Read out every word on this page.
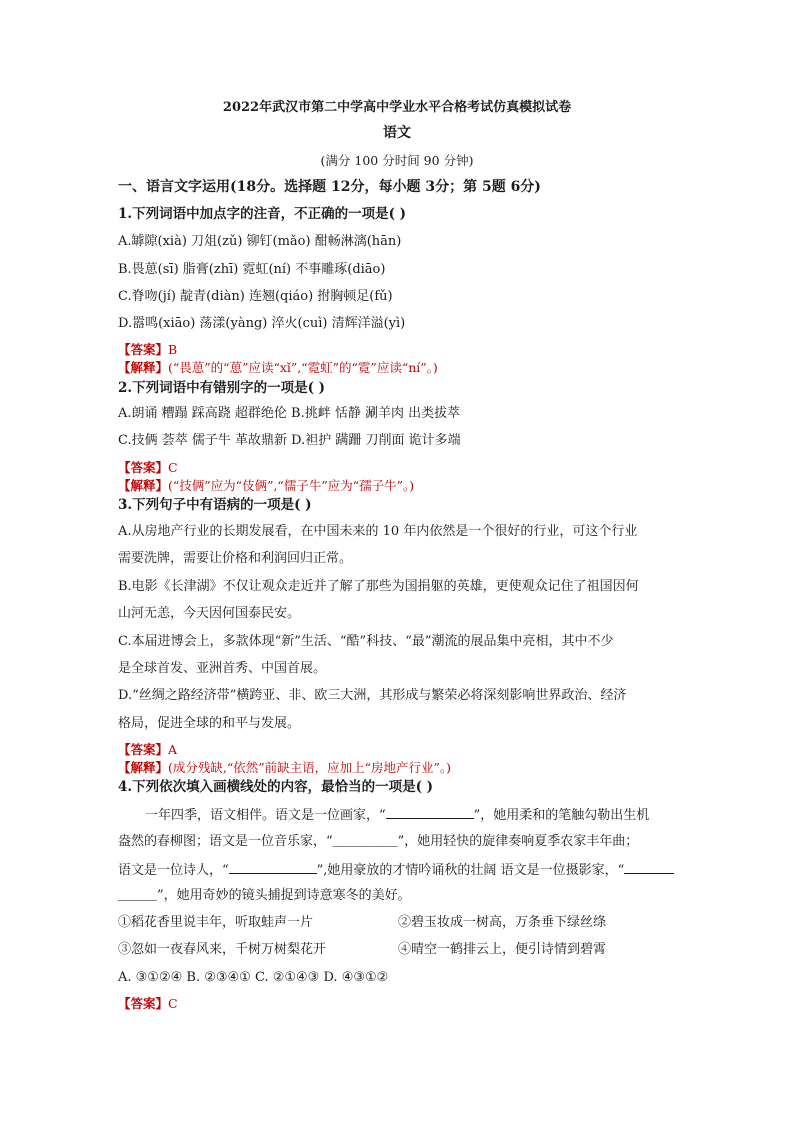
2022年武汉市第二中学高中学业水平合格考试仿真模拟试卷
语文
(满分 100 分时间 90 分钟)
一、语言文字运用(18分。选择题 12分，每小题 3分；第 5题 6分)
1.下列词语中加点字的注音，不正确的一项是( )
A.罅隙(xià) 刀俎(zǔ) 铆钉(mǎo) 酣畅淋漓(hān)
B.畏葸(sī) 脂膏(zhī) 霓虹(ní) 不事雕琢(diāo)
C.脊吻(jí) 靛青(diàn) 连翘(qiáo) 拊胸顿足(fǔ)
D.嚣鸣(xiāo) 荡漾(yàng) 淬火(cuì) 清辉洋溢(yì)
【答案】B
【解释】(“畏葸”的“葸”应读“xǐ”,“霓虹”的“霓”应读“ní”。)
2.下列词语中有错别字的一项是( )
A.朗诵 糟蹋 踩高跷 超群绝伦 B.挑衅 恬静 涮羊肉 出类拔萃
C.技俩 荟萃 儒子牛 革故鼎新 D.袒护 蹒跚 刀削面 诡计多端
【答案】C
【解释】(“技俩”应为“伎俩”,“儒子牛”应为“孺子牛”。)
3.下列句子中有语病的一项是( )
A.从房地产行业的长期发展看，在中国未来的 10 年内依然是一个很好的行业，可这个行业
需要洗牌，需要让价格和利润回归正常。
B.电影《长津湖》不仅让观众走近并了解了那些为国捐躯的英雄，更使观众记住了祖国因何
山河无恙，今天因何国泰民安。
C.本届进博会上，多款体现“新”生活、“酷”科技、“最”潮流的展品集中亮相，其中不少
是全球首发、亚洲首秀、中国首展。
D.“丝绸之路经济带”横跨亚、非、欧三大洲，其形成与繁荣必将深刻影响世界政治、经济
格局，促进全球的和平与发展。
【答案】A
【解释】(成分残缺,“依然”前缺主语，应加上“房地产行业”。)
4.下列依次填入画横线处的内容，最恰当的一项是( )
一年四季，语文相伴。语文是一位画家，“	”，她用柔和的笔触勾勒出生机
盎然的春柳图；语文是一位音乐家，“＿＿＿＿＿”，她用轻快的旋律奏响夏季农家丰年曲；
语文是一位诗人，“	”,她用豪放的才情吟诵秋的壮阔 语文是一位摄影家，“
＿＿＿”，她用奇妙的镜头捕捉到诗意寒冬的美好。
①稻花香里说丰年，听取蛙声一片	②碧玉妆成一树高，万条垂下绿丝绦
③忽如一夜春风来，千树万树梨花开	④晴空一鹤排云上，便引诗情到碧霄
A. ③①②④ B. ②③④① C. ②①④③ D. ④③①②
【答案】C
